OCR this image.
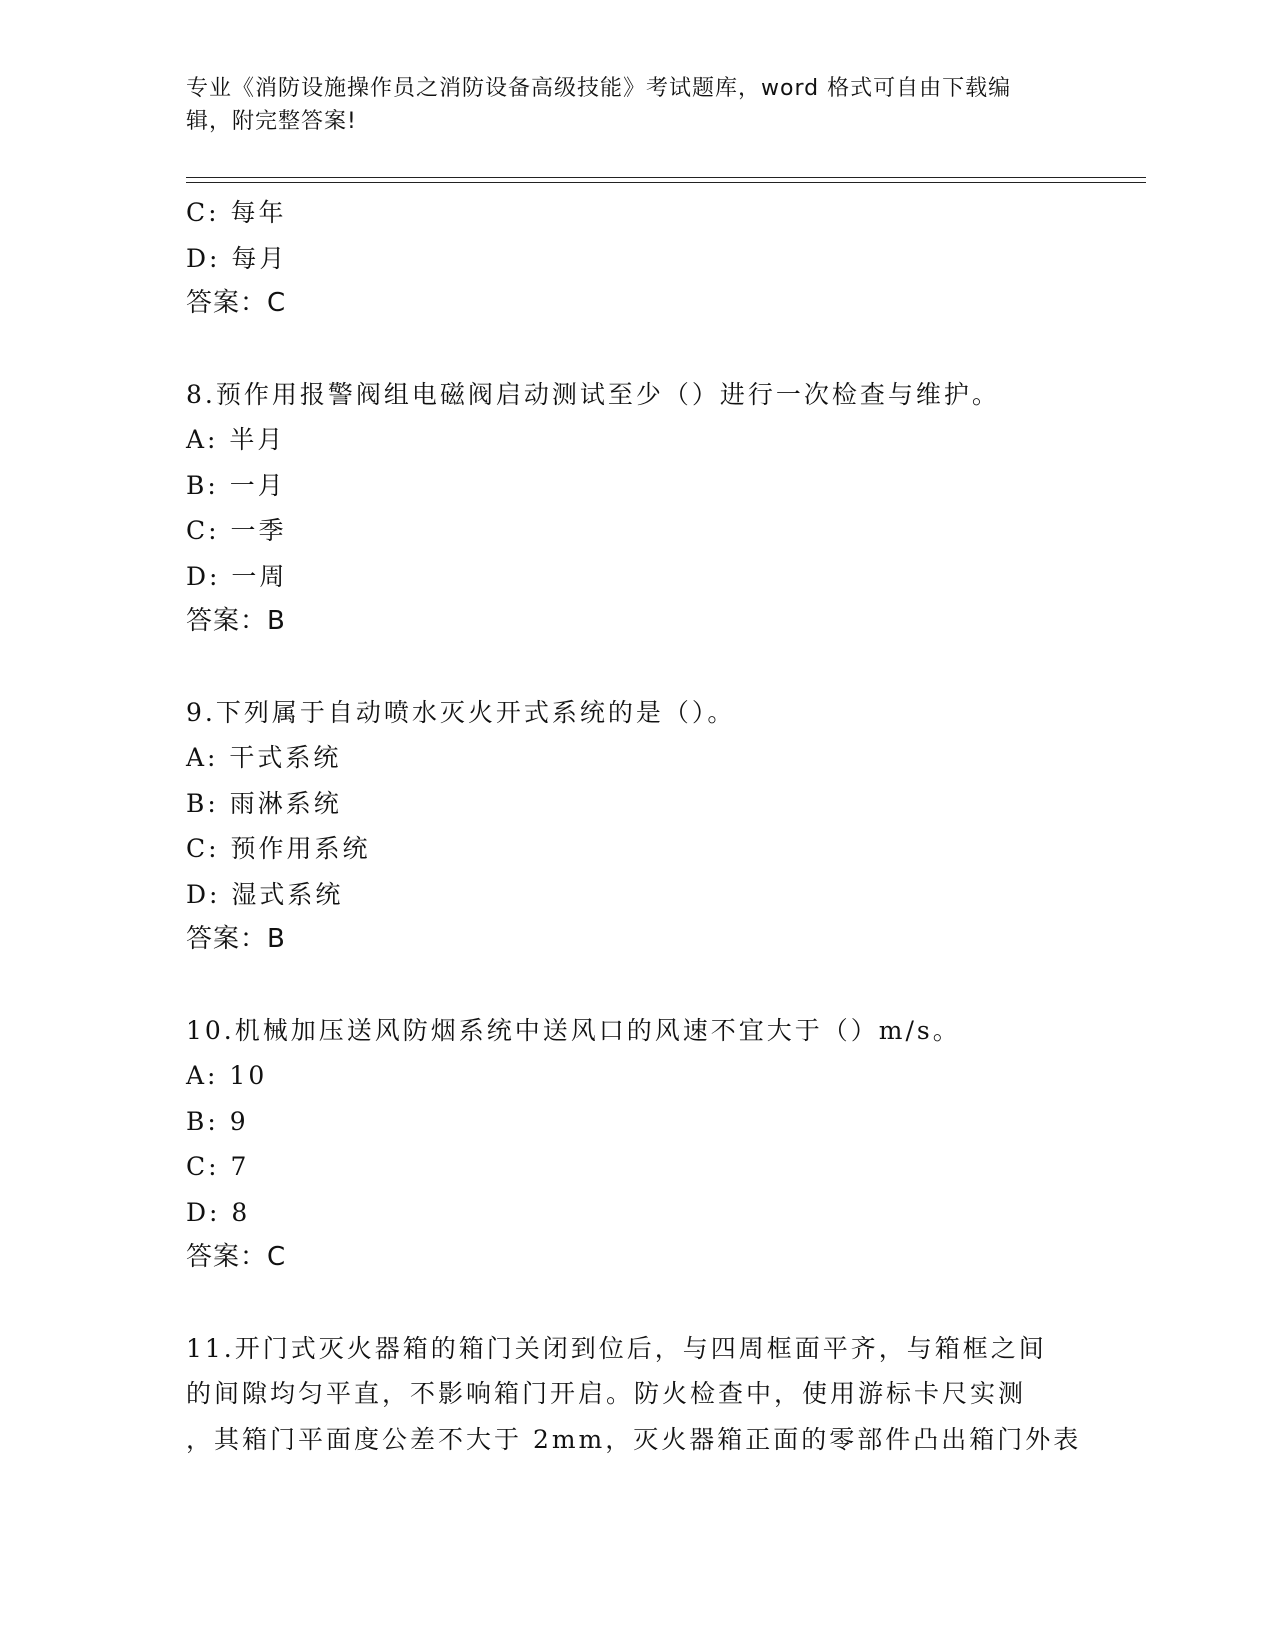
专业《消防设施操作员之消防设备高级技能》考试题库，word 格式可自由下载编
辑，附完整答案!
C: 每年
D: 每月
答案：C
8.预作用报警阀组电磁阀启动测试至少（）进行一次检查与维护。
A: 半月
B: 一月
C: 一季
D: 一周
答案：B
9.下列属于自动喷水灭火开式系统的是（）。
A: 干式系统
B: 雨淋系统
C: 预作用系统
D: 湿式系统
答案：B
10.机械加压送风防烟系统中送风口的风速不宜大于（）m/s。
A: 10
B: 9
C: 7
D: 8
答案：C
11.开门式灭火器箱的箱门关闭到位后，与四周框面平齐，与箱框之间
的间隙均匀平直，不影响箱门开启。防火检查中，使用游标卡尺实测
，其箱门平面度公差不大于 2mm，灭火器箱正面的零部件凸出箱门外表
